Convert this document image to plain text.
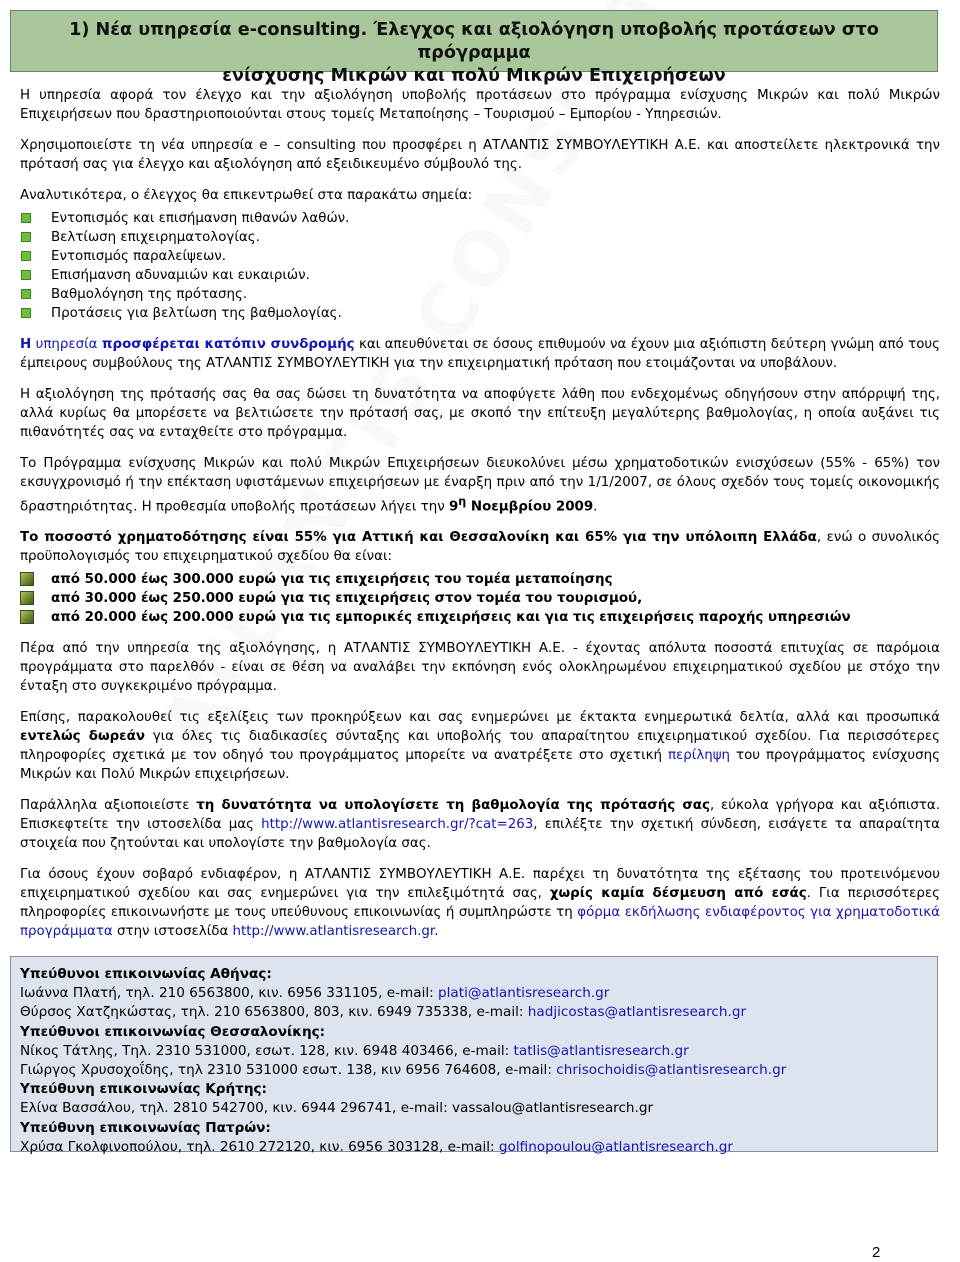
1) Νέα υπηρεσία e-consulting. Έλεγχος και αξιολόγηση υποβολής προτάσεων στο πρόγραμμα
ενίσχυσης Μικρών και πολύ Μικρών Επιχειρήσεων

Η υπηρεσία αφορά τον έλεγχο και την αξιολόγηση υποβολής προτάσεων στο πρόγραμμα ενίσχυσης Μικρών και πολύ Μικρών Επιχειρήσεων που δραστηριοποιούνται στους τομείς Μεταποίησης – Τουρισμού – Εμπορίου - Υπηρεσιών.

Χρησιμοποιείστε τη νέα υπηρεσία e – consulting που προσφέρει η ΑΤΛΑΝΤΙΣ ΣΥΜΒΟΥΛΕΥΤΙΚΗ Α.Ε. και αποστείλετε ηλεκτρονικά την πρότασή σας για έλεγχο και αξιολόγηση από εξειδικευμένο σύμβουλό της.

Αναλυτικότερα, ο έλεγχος θα επικεντρωθεί στα παρακάτω σημεία:

Εντοπισμός και επισήμανση πιθανών λαθών.
Βελτίωση επιχειρηματολογίας.
Εντοπισμός παραλείψεων.
Επισήμανση αδυναμιών και ευκαιριών.
Βαθμολόγηση της πρότασης.
Προτάσεις για βελτίωση της βαθμολογίας.

Η υπηρεσία προσφέρεται κατόπιν συνδρομής και απευθύνεται σε όσους επιθυμούν να έχουν μια αξιόπιστη δεύτερη γνώμη από τους έμπειρους συμβούλους της ΑΤΛΑΝΤΙΣ ΣΥΜΒΟΥΛΕΥΤΙΚΗ για την επιχειρηματική πρόταση που ετοιμάζονται να υποβάλουν.

Η αξιολόγηση της πρότασής σας θα σας δώσει τη δυνατότητα να αποφύγετε λάθη που ενδεχομένως οδηγήσουν στην απόρριψή της, αλλά κυρίως θα μπορέσετε να βελτιώσετε την πρότασή σας, με σκοπό την επίτευξη μεγαλύτερης βαθμολογίας, η οποία αυξάνει τις πιθανότητές σας να ενταχθείτε στο πρόγραμμα.

Το Πρόγραμμα ενίσχυσης Μικρών και πολύ Μικρών Επιχειρήσεων διευκολύνει μέσω χρηματοδοτικών ενισχύσεων (55% - 65%) τον εκσυγχρονισμό ή την επέκταση υφιστάμενων επιχειρήσεων με έναρξη πριν από την 1/1/2007, σε όλους σχεδόν τους τομείς οικονομικής δραστηριότητας. Η προθεσμία υποβολής προτάσεων λήγει την $9^\eta$ Νοεμβρίου 2009.

Το ποσοστό χρηματοδότησης είναι 55% για Αττική και Θεσσαλονίκη και 65% για την υπόλοιπη Ελλάδα, ενώ ο συνολικός προϋπολογισμός του επιχειρηματικού σχεδίου θα είναι:

από 50.000 έως 300.000 ευρώ για τις επιχειρήσεις του τομέα μεταποίησης
από 30.000 έως 250.000 ευρώ για τις επιχειρήσεις στον τομέα του τουρισμού,
από 20.000 έως 200.000 ευρώ για τις εμπορικές επιχειρήσεις και για τις επιχειρήσεις παροχής υπηρεσιών

Πέρα από την υπηρεσία της αξιολόγησης, η ΑΤΛΑΝΤΙΣ ΣΥΜΒΟΥΛΕΥΤΙΚΗ Α.Ε. - έχοντας απόλυτα ποσοστά επιτυχίας σε παρόμοια προγράμματα στο παρελθόν - είναι σε θέση να αναλάβει την εκπόνηση ενός ολοκληρωμένου επιχειρηματικού σχεδίου με στόχο την ένταξη στο συγκεκριμένο πρόγραμμα.

Επίσης, παρακολουθεί τις εξελίξεις των προκηρύξεων και σας ενημερώνει με έκτακτα ενημερωτικά δελτία, αλλά και προσωπικά εντελώς δωρεάν για όλες τις διαδικασίες σύνταξης και υποβολής του απαραίτητου επιχειρηματικού σχεδίου. Για περισσότερες πληροφορίες σχετικά με τον οδηγό του προγράμματος μπορείτε να ανατρέξετε στο σχετική περίληψη του προγράμματος ενίσχυσης Μικρών και Πολύ Μικρών επιχειρήσεων.

Παράλληλα αξιοποιείστε τη δυνατότητα να υπολογίσετε τη βαθμολογία της πρότασής σας, εύκολα γρήγορα και αξιόπιστα. Επισκεφτείτε την ιστοσελίδα μας http://www.atlantisresearch.gr/?cat=263, επιλέξτε την σχετική σύνδεση, εισάγετε τα απαραίτητα στοιχεία που ζητούνται και υπολογίστε την βαθμολογία σας.

Για όσους έχουν σοβαρό ενδιαφέρον, η ΑΤΛΑΝΤΙΣ ΣΥΜΒΟΥΛΕΥΤΙΚΗ Α.Ε. παρέχει τη δυνατότητα της εξέτασης του προτεινόμενου επιχειρηματικού σχεδίου και σας ενημερώνει για την επιλεξιμότητά σας, χωρίς καμία δέσμευση από εσάς. Για περισσότερες πληροφορίες επικοινωνήστε με τους υπεύθυνους επικοινωνίας ή συμπληρώστε τη φόρμα εκδήλωσης ενδιαφέροντος για χρηματοδοτικά προγράμματα στην ιστοσελίδα http://www.atlantisresearch.gr.

Υπεύθυνοι επικοινωνίας Αθήνας:
Ιωάννα Πλατή, τηλ. 210 6563800, κιν. 6956 331105, e-mail: plati@atlantisresearch.gr
Θύρσος Χατζηκώστας, τηλ. 210 6563800, 803, κιν. 6949 735338, e-mail: hadjicostas@atlantisresearch.gr
Υπεύθυνοι επικοινωνίας Θεσσαλονίκης:
Νίκος Τάτλης, Τηλ. 2310 531000, εσωτ. 128, κιν. 6948 403466, e-mail: tatlis@atlantisresearch.gr
Γιώργος Χρυσοχοΐδης, τηλ 2310 531000 εσωτ. 138, κιν 6956 764608, e-mail: chrisochoidis@atlantisresearch.gr
Υπεύθυνη επικοινωνίας Κρήτης:
Ελίνα Βασσάλου, τηλ. 2810 542700, κιν. 6944 296741, e-mail: vassalou@atlantisresearch.gr
Υπεύθυνη επικοινωνίας Πατρών:
Χρύσα Γκολφινοπούλου, τηλ. 2610 272120, κιν. 6956 303128, e-mail: golfinopoulou@atlantisresearch.gr
2
